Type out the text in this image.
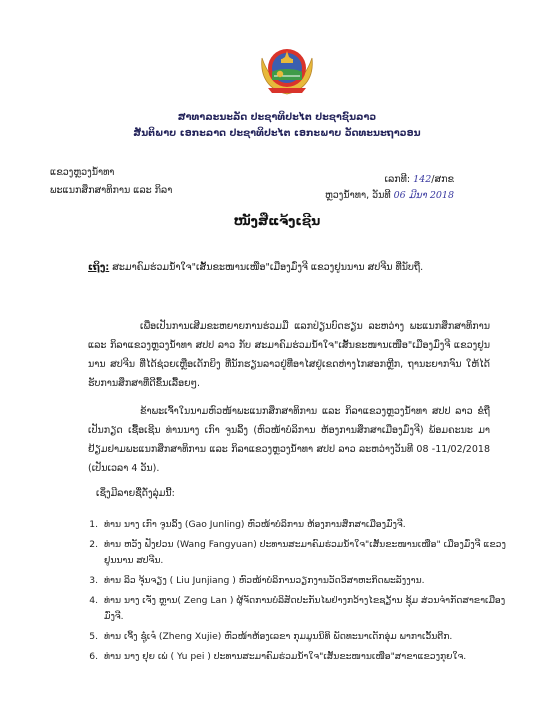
ສາທາລະນະລັດ ປະຊາທິປະໄຕ ປະຊາຊົນລາວ
ສັນຕິພາບ ເອກະລາດ ປະຊາທິປະໄຕ ເອກະພາບ ວັດທະນະຖາວອນ
ແຂວງຫຼວງນໍ້າທາ
ພະແນກສຶກສາທິການ ແລະ ກິລາ
ເລກທີ: 142/ສກຂ
ຫຼວງນໍ້າທາ, ວັນທີ 06 ມີນາ 2018
ໜັງສືແຈ້ງເຊີນ
ເຖິງ: ສະມາຄົມຮ່ວມນໍ້າໃຈ"ເສັ້ນຂະໜານເໜືອ"ເມືອງມົ່ງຈີ ແຂວງຢູນນານ ສປຈີນ ທີ່ນັບຖື.
ເພື່ອເປັນການເສີມຂະຫຍາຍການຮ່ວມມື ແລກປ່ຽນບົດຮຽນ ລະຫວ່າງ ພະແນກສຶກສາທິການ ແລະ ກິລາແຂວງຫຼວງນໍ້າທາ ສປປ ລາວ ກັບ ສະມາຄົມຮ່ວມນໍ້າໃຈ"ເສັ້ນຂະໜານເໜືອ"ເມືອງມົ່ງຈີ ແຂວງຢູນນານ ສປຈີນ ທີ່ໄດ້ຊ່ວຍເຫຼືອເດັກຍິງ ທີ່ນັກຮຽນລາວຢູ່ທີ່ອາໄສຢູ່ເຂດຫ່າງໄກສອກຫຼີກ, ຖານະຍາກຈົນ ໃຫ້ໄດ້ຮັບການສຶກສາທີ່ດີຂຶ້ນເລື້ອຍໆ.
ຂ້າພະເຈົ້າໃນນາມຫົວໜ້າພະແນກສຶກສາທິການ ແລະ ກິລາແຂວງຫຼວງນໍ້າທາ ສປປ ລາວ ຂໍຖືເປັນກຽດ ເຊື້ອເຊີນ ທ່ານນາງ ເກົາ ຈູນລິ້ງ (ຫົວໜ້າບໍລິການ ຫ້ອງການສຶກສາເມືອງມົ່ງຈີ) ພ້ອມຄະນະ ມາຢ້ຽມຢາມພະແນກສຶກສາທິການ ແລະ ກິລາແຂວງຫຼວງນໍ້າທາ ສປປ ລາວ ລະຫວ່າງວັນທີ 08 -11/02/2018 (ເປັນເວລາ 4 ວັນ).
ເຊິ່ງມີລາຍຊື່ດັ່ງລຸ່ມນີ້:
1. ທ່ານ ນາງ ເກົາ ຈູນລິ້ງ (Gao Junling) ຫົວໜ້າບໍລິການ ຫ້ອງການສຶກສາເມືອງມົ່ງຈີ.
2. ທ່ານ ຫວັງ ຟັງຢວນ (Wang Fangyuan) ປະທານສະມາຄົມຮ່ວມນໍ້າໃຈ"ເສັ້ນຂະໜານເໜືອ" ເມືອງມົ່ງຈີ ແຂວງຢູນນານ ສປຈີນ.
3. ທ່ານ ລິວ ຈຸ້ນຈຽງ ( Liu Junjiang ) ຫົວໜ້າບໍລິການວຽກງານວັດວິສາຫະກິດພະລັງງານ.
4. ທ່ານ ນາງ ເຈັ່ງ ຫຼານ( Zeng Lan ) ຜູ້ຈັດການບໍລິສັດປະກັນໄພຢ່າງກວ້າງໄຂຊຽ້ານ ຊຸ້ມ ສ່ວນຈຳກັດສາຂາເມືອງມົ່ງຈີ.
5. ທ່ານ ເຈິ້ງ ຊູ໋ເຈ໋ (Zheng Xujie) ຫົວໜ້າຫ້ອງເລຂາ ກຸມມູນນິທິ ພັດທະນາເດັກອຸ່ມ ພາກາເວັ້ນຕີກ.
6. ທ່ານ ນາງ ຢຸຍ ເພ່ ( Yu pei ) ປະທານສະມາຄົມຮ່ວມນໍ້າໃຈ"ເສັ້ນຂະໜານເໜືອ"ສາຂາແຂວງກຸຍໃຈ.
